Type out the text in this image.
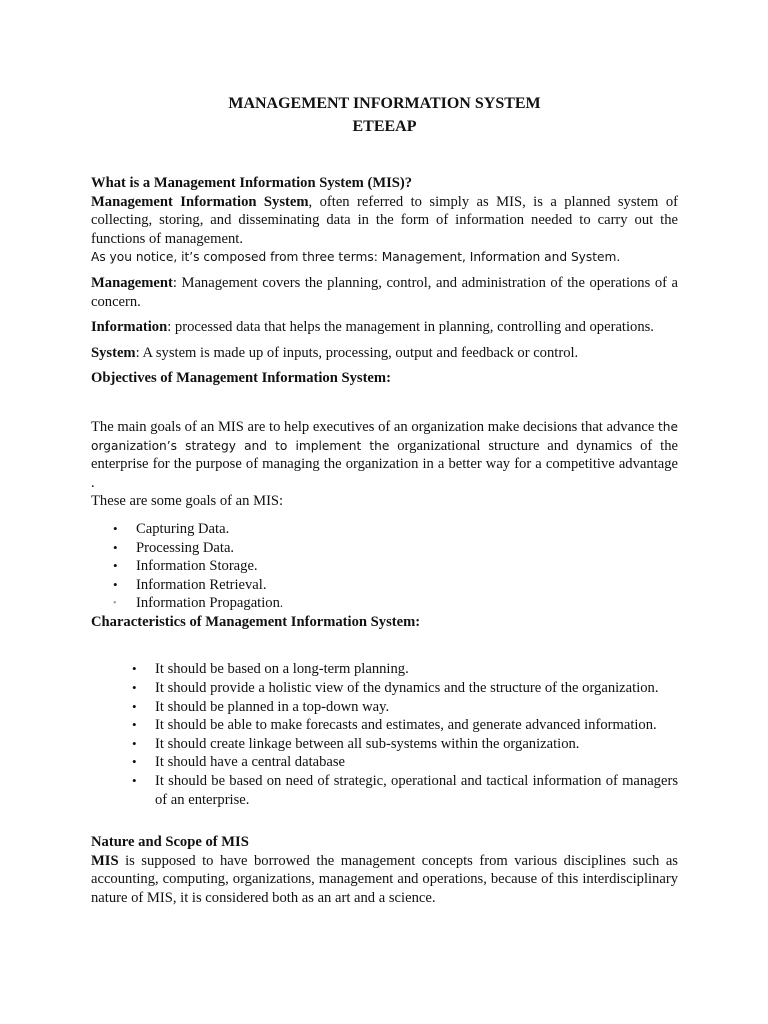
MANAGEMENT INFORMATION SYSTEM

ETEEAP

What is a Management Information System (MIS)?

Management Information System, often referred to simply as MIS, is a planned system of collecting, storing, and disseminating data in the form of information needed to carry out the functions of management.

As you notice, it’s composed from three terms: Management, Information and System.

Management: Management covers the planning, control, and administration of the operations of a concern.

Information: processed data that helps the management in planning, controlling and operations.

System: A system is made up of inputs, processing, output and feedback or control.

Objectives of Management Information System:

The main goals of an MIS are to help executives of an organization make decisions that advance the organization’s strategy and to implement the organizational structure and dynamics of the enterprise for the purpose of managing the organization in a better way for a competitive advantage .

These are some goals of an MIS:

• Capturing Data.
• Processing Data.
• Information Storage.
• Information Retrieval.
• Information Propagation.

Characteristics of Management Information System:

• It should be based on a long-term planning.
• It should provide a holistic view of the dynamics and the structure of the organization.
• It should be planned in a top-down way.
• It should be able to make forecasts and estimates, and generate advanced information.
• It should create linkage between all sub-systems within the organization.
• It should have a central database
• It should be based on need of strategic, operational and tactical information of managers of an enterprise.

Nature and Scope of MIS

MIS is supposed to have borrowed the management concepts from various disciplines such as accounting, computing, organizations, management and operations, because of this interdisciplinary nature of MIS, it is considered both as an art and a science.
